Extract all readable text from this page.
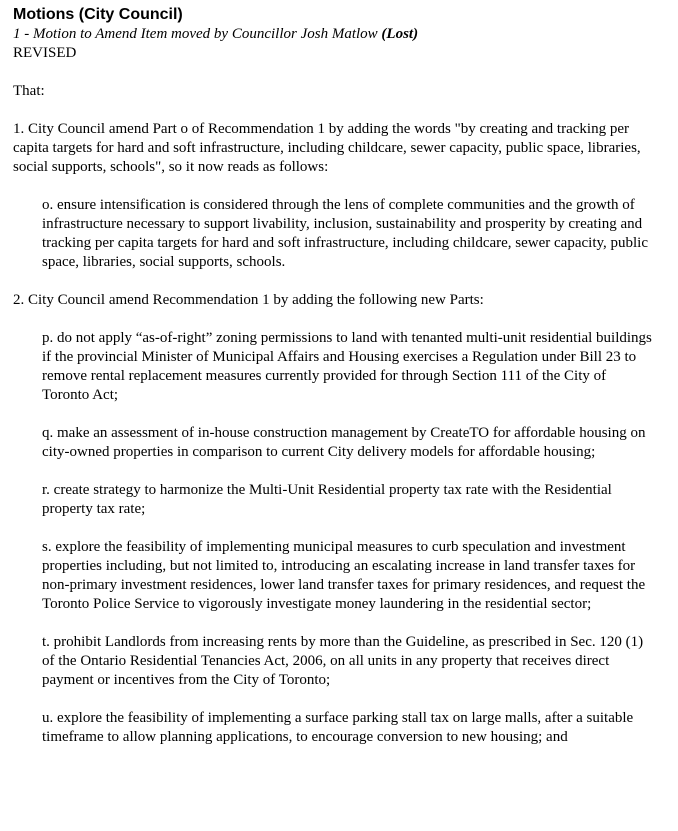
Motions (City Council)

1 - Motion to Amend Item moved by Councillor Josh Matlow (Lost)

REVISED

That:

1. City Council amend Part o of Recommendation 1 by adding the words "by creating and tracking per capita targets for hard and soft infrastructure, including childcare, sewer capacity, public space, libraries, social supports, schools", so it now reads as follows:

o. ensure intensification is considered through the lens of complete communities and the growth of infrastructure necessary to support livability, inclusion, sustainability and prosperity by creating and tracking per capita targets for hard and soft infrastructure, including childcare, sewer capacity, public space, libraries, social supports, schools.

2. City Council amend Recommendation 1 by adding the following new Parts:

p. do not apply “as-of-right” zoning permissions to land with tenanted multi-unit residential buildings if the provincial Minister of Municipal Affairs and Housing exercises a Regulation under Bill 23 to remove rental replacement measures currently provided for through Section 111 of the City of Toronto Act;

q. make an assessment of in-house construction management by CreateTO for affordable housing on city-owned properties in comparison to current City delivery models for affordable housing;

r. create strategy to harmonize the Multi-Unit Residential property tax rate with the Residential property tax rate;

s. explore the feasibility of implementing municipal measures to curb speculation and investment properties including, but not limited to, introducing an escalating increase in land transfer taxes for non-primary investment residences, lower land transfer taxes for primary residences, and request the Toronto Police Service to vigorously investigate money laundering in the residential sector;

t. prohibit Landlords from increasing rents by more than the Guideline, as prescribed in Sec. 120 (1) of the Ontario Residential Tenancies Act, 2006, on all units in any property that receives direct payment or incentives from the City of Toronto;

u. explore the feasibility of implementing a surface parking stall tax on large malls, after a suitable timeframe to allow planning applications, to encourage conversion to new housing; and
